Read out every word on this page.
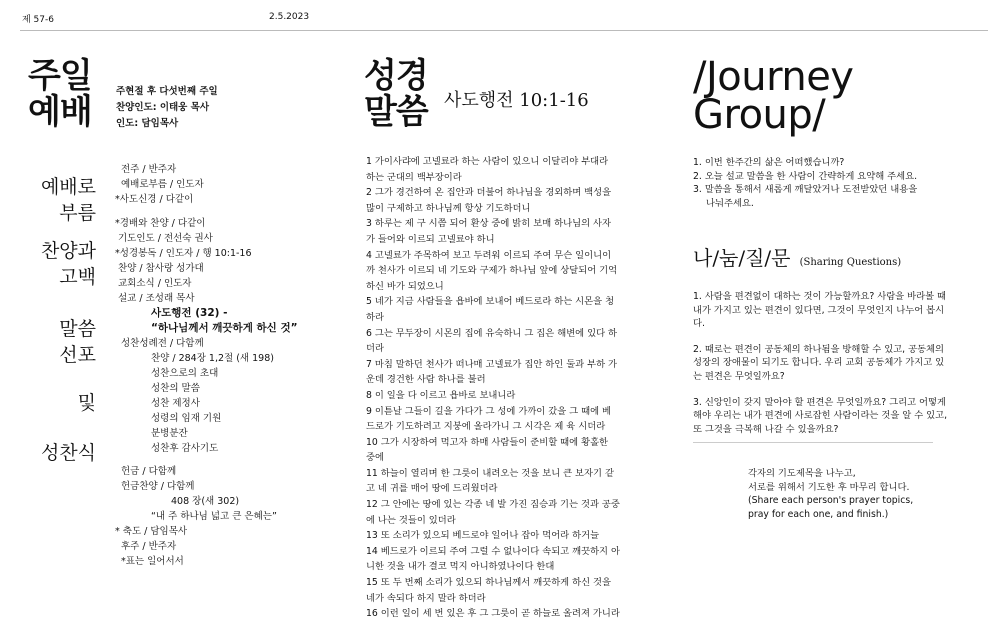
제 57-6	2.5.2023
주일
예배
주현절 후 다섯번째 주일
찬양인도: 이태웅 목사
인도: 담임목사
예배로
부름
찬양과
고백
말씀
선포
및
성찬식
전주 / 반주자
예배로부름 / 인도자
*사도신경 / 다같이
*경배와 찬양 / 다같이
기도인도 / 전선숙 권사
*성경봉독 / 인도자 / 행 10:1-16
찬양 / 참사랑 성가대
교회소식 / 인도자
설교 / 조성래 목사
사도행전 (32) -
“하나님께서 깨끗하게 하신 것”
성찬성례전 / 다함께
찬양 / 284장 1,2절 (새 198)
성찬으로의 초대
성찬의 말씀
성찬 제정사
성령의 임재 기원
분병분잔
성찬후 감사기도
헌금 / 다함께
헌금찬양 / 다함께
408 장(새 302)
“내 주 하나님 넓고 큰 은혜는”
* 축도 / 담임목사
후주 / 반주자
*표는 일어서서
성경
말씀 사도행전 10:1-16
1 가이사랴에 고넬료라 하는 사람이 있으니 이달리야 부대라
하는 군대의 백부장이라
2 그가 경건하여 온 집안과 더불어 하나님을 경외하며 백성을
많이 구제하고 하나님께 항상 기도하더니
3 하루는 제 구 시쯤 되어 환상 중에 밝히 보매 하나님의 사자
가 들어와 이르되 고넬료야 하니
4 고넬료가 주목하여 보고 두려워 이르되 주여 무슨 일이니이
까 천사가 이르되 네 기도와 구제가 하나님 앞에 상달되어 기억
하신 바가 되었으니
5 네가 지금 사람들을 욥바에 보내어 베드로라 하는 시몬을 청
하라
6 그는 무두장이 시몬의 집에 유숙하니 그 집은 해변에 있다 하
더라
7 마침 말하던 천사가 떠나매 고넬료가 집안 하인 둘과 부하 가
운데 경건한 사람 하나를 불러
8 이 일을 다 이르고 욥바로 보내니라
9 이튿날 그들이 길을 가다가 그 성에 가까이 갔을 그 때에 베
드로가 기도하려고 지붕에 올라가니 그 시각은 제 육 시더라
10 그가 시장하여 먹고자 하매 사람들이 준비할 때에 황홀한
중에
11 하늘이 열리며 한 그릇이 내려오는 것을 보니 큰 보자기 같
고 네 귀를 매어 땅에 드리웠더라
12 그 안에는 땅에 있는 각종 네 발 가진 짐승과 기는 것과 공중
에 나는 것들이 있더라
13 또 소리가 있으되 베드로야 일어나 잡아 먹어라 하거늘
14 베드로가 이르되 주여 그럴 수 없나이다 속되고 깨끗하지 아
니한 것을 내가 결코 먹지 아니하였나이다 한대
15 또 두 번째 소리가 있으되 하나님께서 깨끗하게 하신 것을
네가 속되다 하지 말라 하더라
16 이런 일이 세 번 있은 후 그 그릇이 곧 하늘로 올려져 가니라
/Journey
Group/
1. 이번 한주간의 삶은 어떠했습니까?
2. 오늘 설교 말씀을 한 사람이 간략하게 요약해 주세요.
3. 말씀을 통해서 새롭게 깨달았거나 도전받았던 내용을
나눠주세요.
나/눔/질/문 (Sharing Questions)
1. 사람을 편견없이 대하는 것이 가능할까요? 사람을 바라볼 때
내가 가지고 있는 편견이 있다면, 그것이 무엇인지 나누어 봅시
다.
2. 때로는 편견이 공동체의 하나됨을 방해할 수 있고, 공동체의
성장의 장애물이 되기도 합니다. 우리 교회 공동체가 가지고 있
는 편견은 무엇일까요?
3. 신앙인이 갖지 말아야 할 편견은 무엇일까요? 그리고 어떻게
해야 우리는 내가 편견에 사로잡힌 사람이라는 것을 알 수 있고,
또 그것을 극복해 나갈 수 있을까요?
각자의 기도제목을 나누고,
서로를 위해서 기도한 후 마무리 합니다.
(Share each person's prayer topics,
pray for each one, and finish.)
